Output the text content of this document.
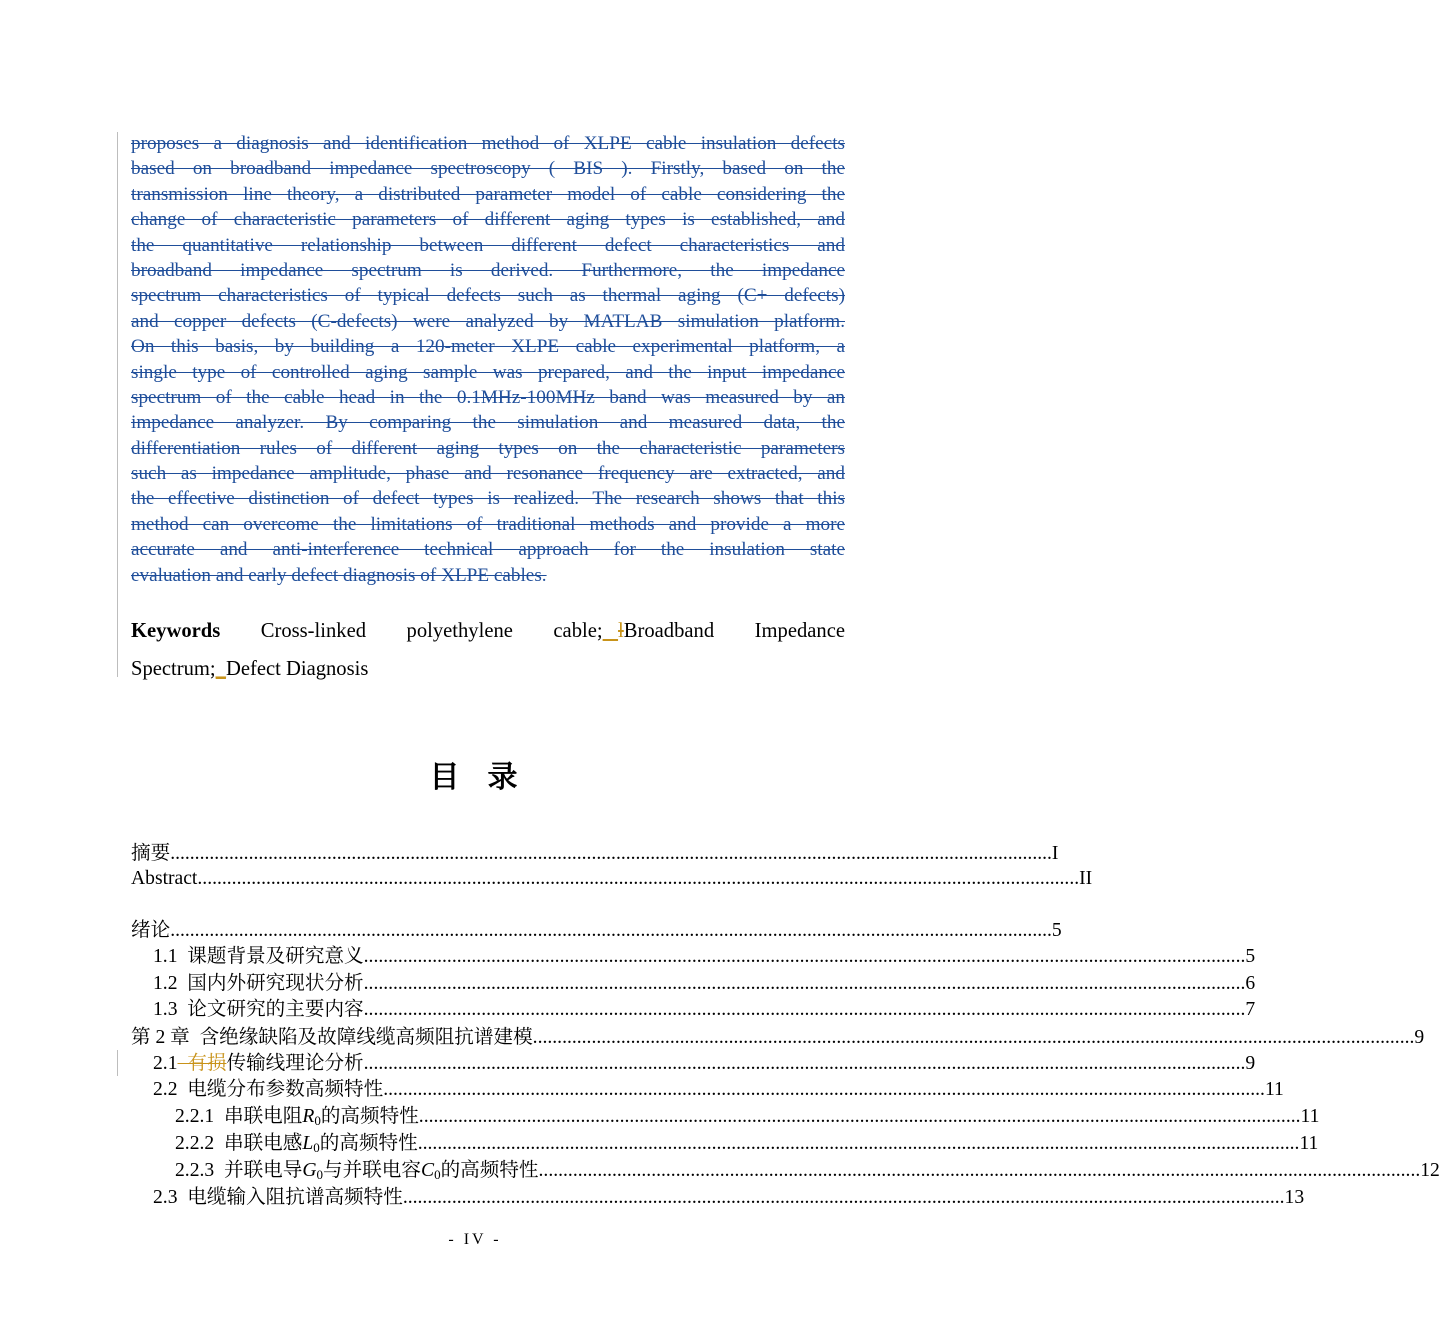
proposes a diagnosis and identification method of XLPE cable insulation defects
based on broadband impedance spectroscopy ( BIS ). Firstly, based on the
transmission line theory, a distributed parameter model of cable considering the
change of characteristic parameters of different aging types is established, and
the quantitative relationship between different defect characteristics and
broadband impedance spectrum is derived. Furthermore, the impedance
spectrum characteristics of typical defects such as thermal aging (C+ defects)
and copper defects (C-defects) were analyzed by MATLAB simulation platform.
On this basis, by building a 120-meter XLPE cable experimental platform, a
single type of controlled aging sample was prepared, and the input impedance
spectrum of the cable head in the 0.1MHz-100MHz band was measured by an
impedance analyzer. By comparing the simulation and measured data, the
differentiation rules of different aging types on the characteristic parameters
such as impedance amplitude, phase and resonance frequency are extracted, and
the effective distinction of defect types is realized. The research shows that this
method can overcome the limitations of traditional methods and provide a more
accurate and anti-interference technical approach for the insulation state
evaluation and early defect diagnosis of XLPE cables.
Keywords Cross-linked polyethylene cable; lBroadband Impedance
Spectrum;_Defect Diagnosis
目录
摘要 .................................................................................................................................................................................... I
Abstract .................................................................................................................................................................................... II
绪论 .................................................................................................................................................................................... 5
1.1  课题背景及研究意义 .................................................................................................................................................................................... 5
1.2  国内外研究现状分析 .................................................................................................................................................................................... 6
1.3  论文研究的主要内容 .................................................................................................................................................................................... 7
第 2 章  含绝缘缺陷及故障线缆高频阻抗谱建模 .................................................................................................................................................................................... 9
2.1  有损传输线理论分析 .................................................................................................................................................................................... 9
2.2  电缆分布参数高频特性 .................................................................................................................................................................................... 11
2.2.1  串联电阻$R_0$的高频特性 .................................................................................................................................................................................... 11
2.2.2  串联电感$L_0$的高频特性 .................................................................................................................................................................................... 11
2.2.3  并联电导$G_0$与并联电容$C_0$的高频特性 .................................................................................................................................................................................... 12
2.3  电缆输入阻抗谱高频特性 .................................................................................................................................................................................... 13
- IV -
